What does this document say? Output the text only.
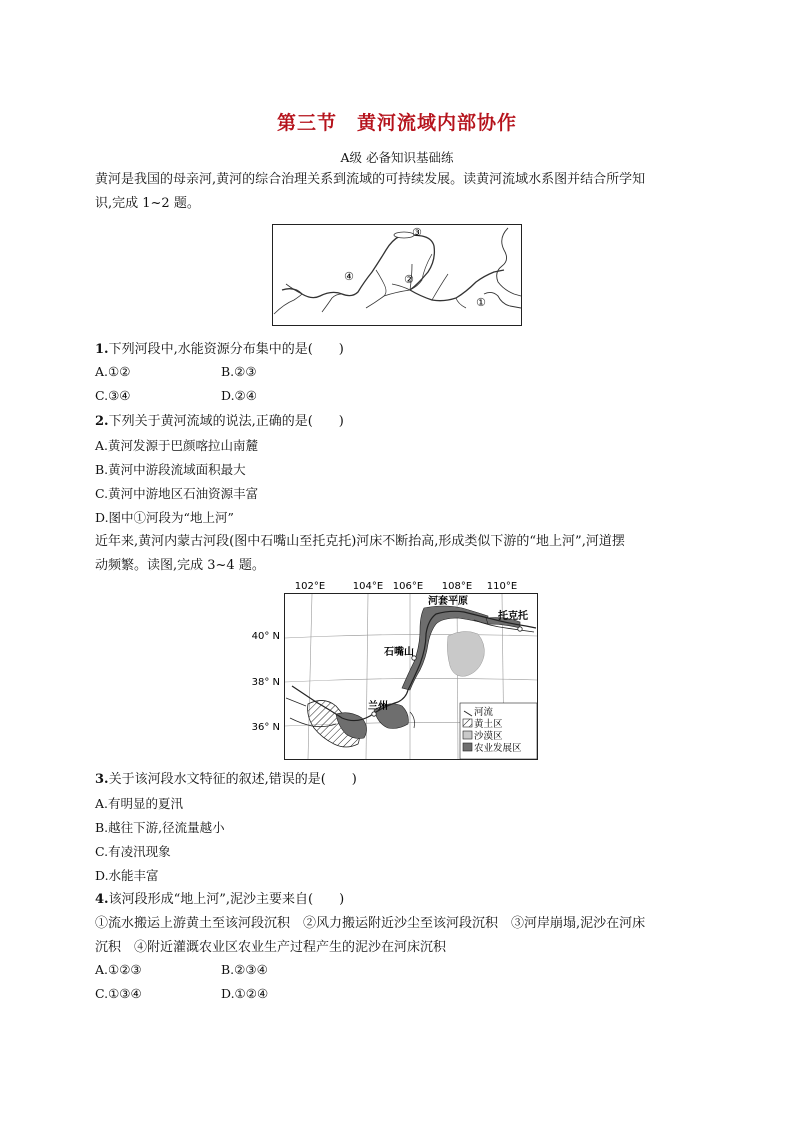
第三节　黄河流域内部协作
A级 必备知识基础练
黄河是我国的母亲河,黄河的综合治理关系到流域的可持续发展。读黄河流域水系图并结合所学知
识,完成 1~2 题。
③
②
④
①
1.下列河段中,水能资源分布集中的是(　　)
A.①②	B.②③
C.③④	D.②④
2.下列关于黄河流域的说法,正确的是(　　)
A.黄河发源于巴颜喀拉山南麓
B.黄河中游段流域面积最大
C.黄河中游地区石油资源丰富
D.图中①河段为“地上河”
近年来,黄河内蒙古河段(图中石嘴山至托克托)河床不断抬高,形成类似下游的“地上河”,河道摆
动频繁。读图,完成 3~4 题。
102°E	104°E 106°E 108°E 110°E
40° N
38° N
36° N
河套平原
托克托
石嘴山
兰州
河流
黄土区
沙漠区
农业发展区
3.关于该河段水文特征的叙述,错误的是(　　)
A.有明显的夏汛
B.越往下游,径流量越小
C.有凌汛现象
D.水能丰富
4.该河段形成“地上河”,泥沙主要来自(　　)
①流水搬运上游黄土至该河段沉积　②风力搬运附近沙尘至该河段沉积　③河岸崩塌,泥沙在河床
沉积　④附近灌溉农业区农业生产过程产生的泥沙在河床沉积
A.①②③	B.②③④
C.①③④	D.①②④
